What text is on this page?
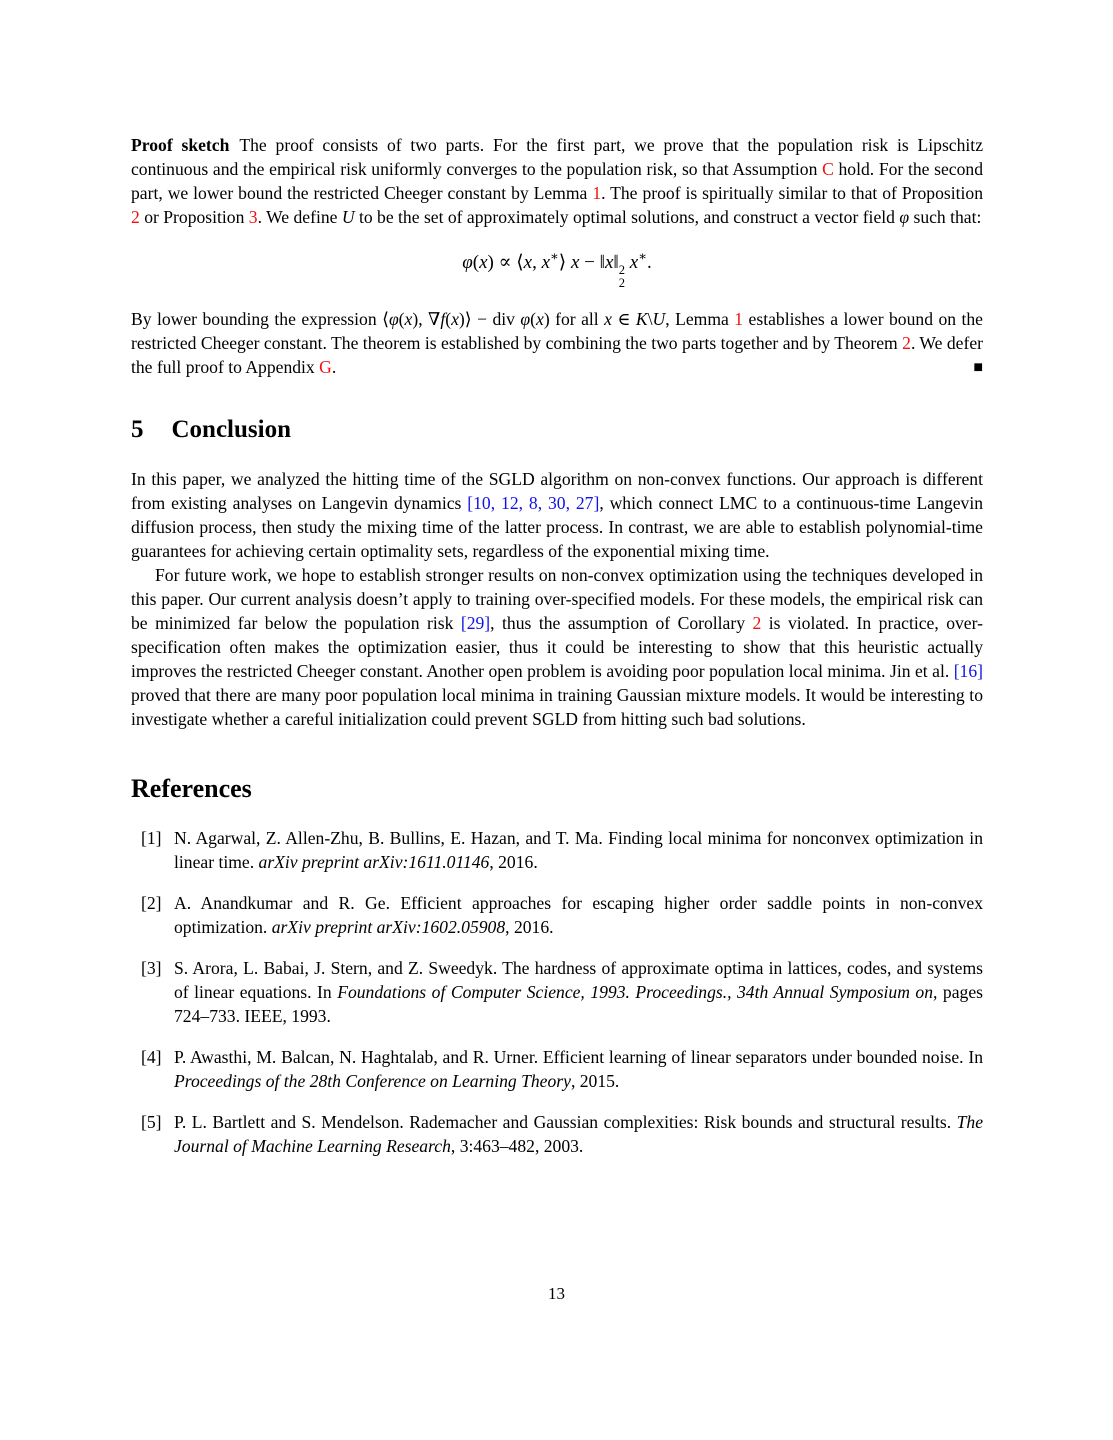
Proof sketch The proof consists of two parts. For the first part, we prove that the population risk is Lipschitz continuous and the empirical risk uniformly converges to the population risk, so that Assumption C hold. For the second part, we lower bound the restricted Cheeger constant by Lemma 1. The proof is spiritually similar to that of Proposition 2 or Proposition 3. We define U to be the set of approximately optimal solutions, and construct a vector field φ such that:

φ(x) ∝ ⟨x, x∗⟩ x − ‖x‖ 2
2
x∗.

■
By lower bounding the expression ⟨φ(x), ∇f(x)⟩ − div φ(x) for all x ∈ K\U, Lemma 1 establishes a lower bound on the restricted Cheeger constant. The theorem is established by combining the two parts together and by Theorem 2. We defer the full proof to Appendix G.

5 Conclusion

In this paper, we analyzed the hitting time of the SGLD algorithm on non-convex functions. Our approach is different from existing analyses on Langevin dynamics [10, 12, 8, 30, 27], which connect LMC to a continuous-time Langevin diffusion process, then study the mixing time of the latter process. In contrast, we are able to establish polynomial-time guarantees for achieving certain optimality sets, regardless of the exponential mixing time.

For future work, we hope to establish stronger results on non-convex optimization using the techniques developed in this paper. Our current analysis doesn’t apply to training over-specified models. For these models, the empirical risk can be minimized far below the population risk [29], thus the assumption of Corollary 2 is violated. In practice, over-specification often makes the optimization easier, thus it could be interesting to show that this heuristic actually improves the restricted Cheeger constant. Another open problem is avoiding poor population local minima. Jin et al. [16] proved that there are many poor population local minima in training Gaussian mixture models. It would be interesting to investigate whether a careful initialization could prevent SGLD from hitting such bad solutions.

References
[1] N. Agarwal, Z. Allen-Zhu, B. Bullins, E. Hazan, and T. Ma. Finding local minima for nonconvex optimization in linear time. arXiv preprint arXiv:1611.01146, 2016.
[2] A. Anandkumar and R. Ge. Efficient approaches for escaping higher order saddle points in non-convex optimization. arXiv preprint arXiv:1602.05908, 2016.
[3] S. Arora, L. Babai, J. Stern, and Z. Sweedyk. The hardness of approximate optima in lattices, codes, and systems of linear equations. In Foundations of Computer Science, 1993. Proceedings., 34th Annual Symposium on, pages 724–733. IEEE, 1993.
[4] P. Awasthi, M. Balcan, N. Haghtalab, and R. Urner. Efficient learning of linear separators under bounded noise. In Proceedings of the 28th Conference on Learning Theory, 2015.
[5] P. L. Bartlett and S. Mendelson. Rademacher and Gaussian complexities: Risk bounds and structural results. The Journal of Machine Learning Research, 3:463–482, 2003.
13
